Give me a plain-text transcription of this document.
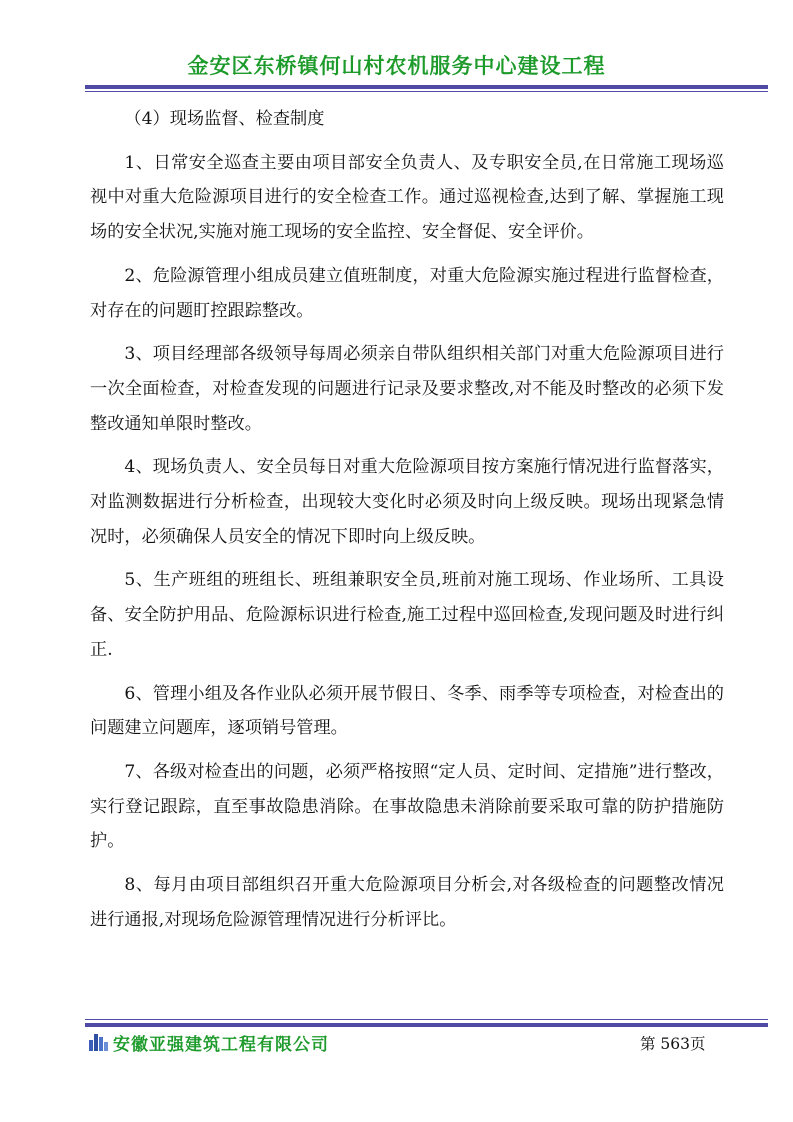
金安区东桥镇何山村农机服务中心建设工程

（4）现场监督、检查制度

1、日常安全巡查主要由项目部安全负责人、及专职安全员,在日常施工现场巡视中对重大危险源项目进行的安全检查工作。通过巡视检查,达到了解、掌握施工现场的安全状况,实施对施工现场的安全监控、安全督促、安全评价。

2、危险源管理小组成员建立值班制度，对重大危险源实施过程进行监督检查，对存在的问题盯控跟踪整改。

3、项目经理部各级领导每周必须亲自带队组织相关部门对重大危险源项目进行一次全面检查，对检查发现的问题进行记录及要求整改,对不能及时整改的必须下发整改通知单限时整改。

4、现场负责人、安全员每日对重大危险源项目按方案施行情况进行监督落实，对监测数据进行分析检查，出现较大变化时必须及时向上级反映。现场出现紧急情况时，必须确保人员安全的情况下即时向上级反映。

5、生产班组的班组长、班组兼职安全员,班前对施工现场、作业场所、工具设备、安全防护用品、危险源标识进行检查,施工过程中巡回检查,发现问题及时进行纠正.

6、管理小组及各作业队必须开展节假日、冬季、雨季等专项检查，对检查出的问题建立问题库，逐项销号管理。

7、各级对检查出的问题，必须严格按照“定人员、定时间、定措施”进行整改，实行登记跟踪，直至事故隐患消除。在事故隐患未消除前要采取可靠的防护措施防护。

8、每月由项目部组织召开重大危险源项目分析会,对各级检查的问题整改情况进行通报,对现场危险源管理情况进行分析评比。

安徽亚强建筑工程有限公司	第 563页
